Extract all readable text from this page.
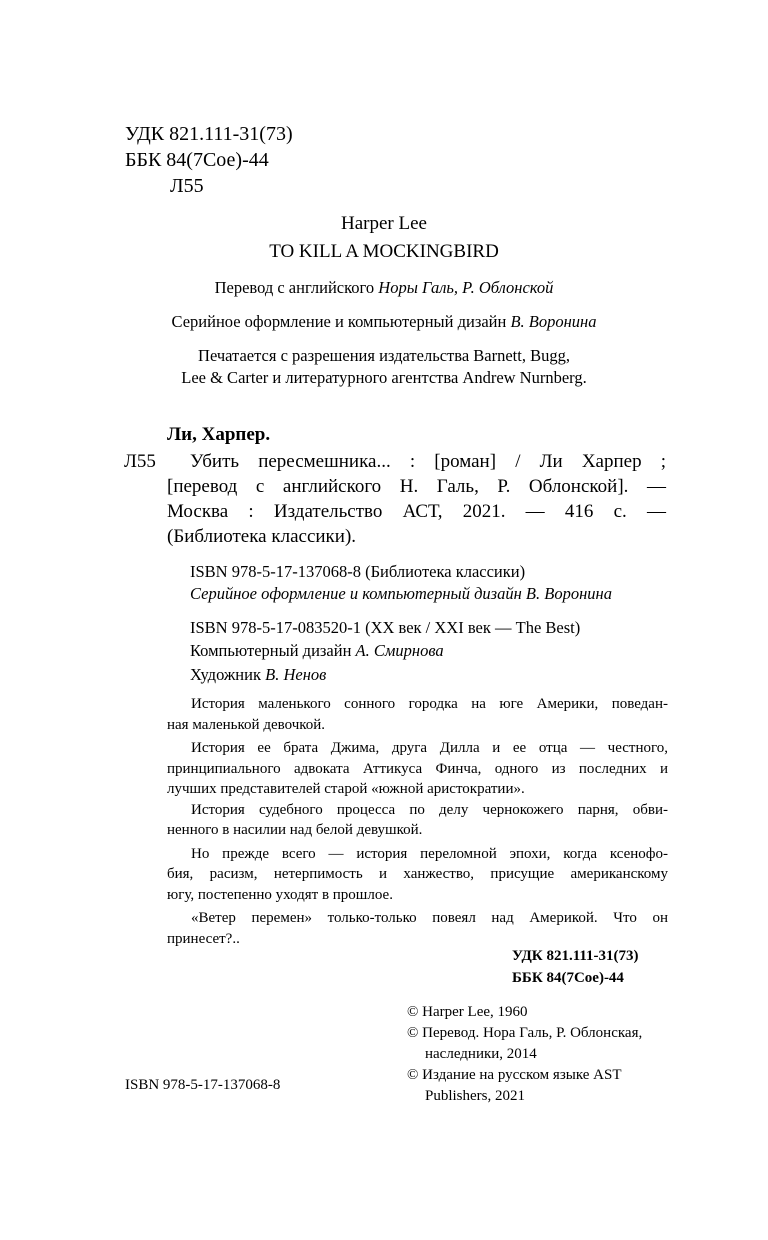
УДК 821.111-31(73)
ББК 84(7Сое)-44
Л55
Harper Lee
TO KILL A MOCKINGBIRD
Перевод с английского Норы Галь, Р. Облонской
Серийное оформление и компьютерный дизайн В. Воронина
Печатается с разрешения издательства Barnett, Bugg,
Lee & Carter и литературного агентства Andrew Nurnberg.
Ли, Харпер.
Л55 Убить пересмешника... : [роман] / Ли Харпер ;
[перевод с английского Н. Галь, Р. Облонской]. —
Москва : Издательство АСТ, 2021. — 416 с. —
(Библиотека классики).
ISBN 978-5-17-137068-8 (Библиотека классики)
Серийное оформление и компьютерный дизайн В. Воронина
ISBN 978-5-17-083520-1 (XX век / XXI век — The Best)
Компьютерный дизайн А. Смирнова
Художник В. Ненов
История маленького сонного городка на юге Америки, поведан-
ная маленькой девочкой.
История ее брата Джима, друга Дилла и ее отца — честного,
принципиального адвоката Аттикуса Финча, одного из последних и
лучших представителей старой «южной аристократии».
История судебного процесса по делу чернокожего парня, обви-
ненного в насилии над белой девушкой.
Но прежде всего — история переломной эпохи, когда ксенофо-
бия, расизм, нетерпимость и ханжество, присущие американскому
югу, постепенно уходят в прошлое.
«Ветер перемен» только-только повеял над Америкой. Что он
принесет?..
УДК 821.111-31(73)
ББК 84(7Сое)-44
© Harper Lee, 1960
© Перевод. Нора Галь, Р. Облонская,
наследники, 2014
© Издание на русском языке AST
Publishers, 2021
ISBN 978-5-17-137068-8
